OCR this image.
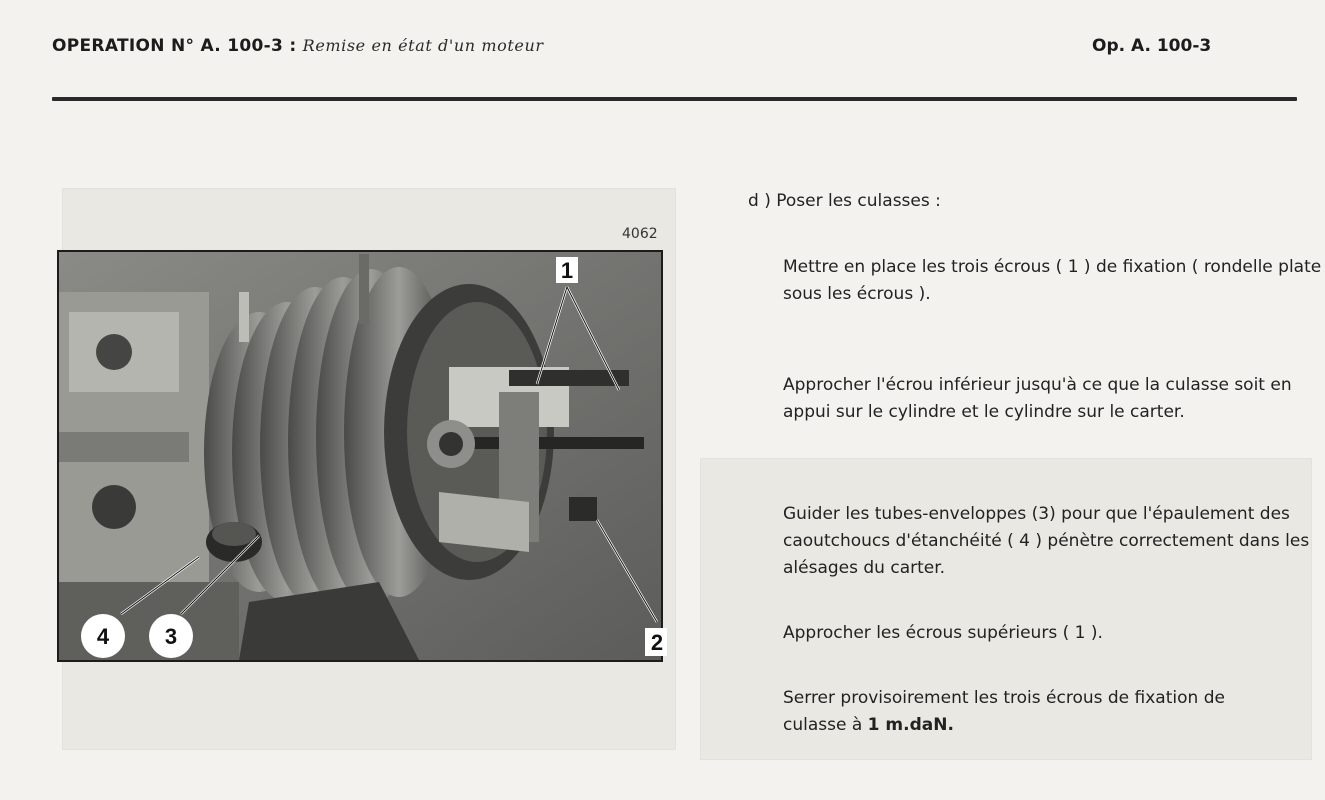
OPERATION N° A. 100-3 : Remise en état d'un moteur	Op. A. 100-3
4062
1
2
3
4
d ) Poser les culasses :

Mettre en place les trois écrous ( 1 ) de fixation ( rondelle plate sous les écrous ).

Approcher l'écrou inférieur jusqu'à ce que la culasse soit en appui sur le cylindre et le cylindre sur le carter.

Guider les tubes-enveloppes (3) pour que l'épaulement des caoutchoucs d'étanchéité ( 4 ) pénètre correctement dans les alésages du carter.

Approcher les écrous supérieurs ( 1 ).

Serrer provisoirement les trois écrous de fixation de culasse à 1 m.daN.
